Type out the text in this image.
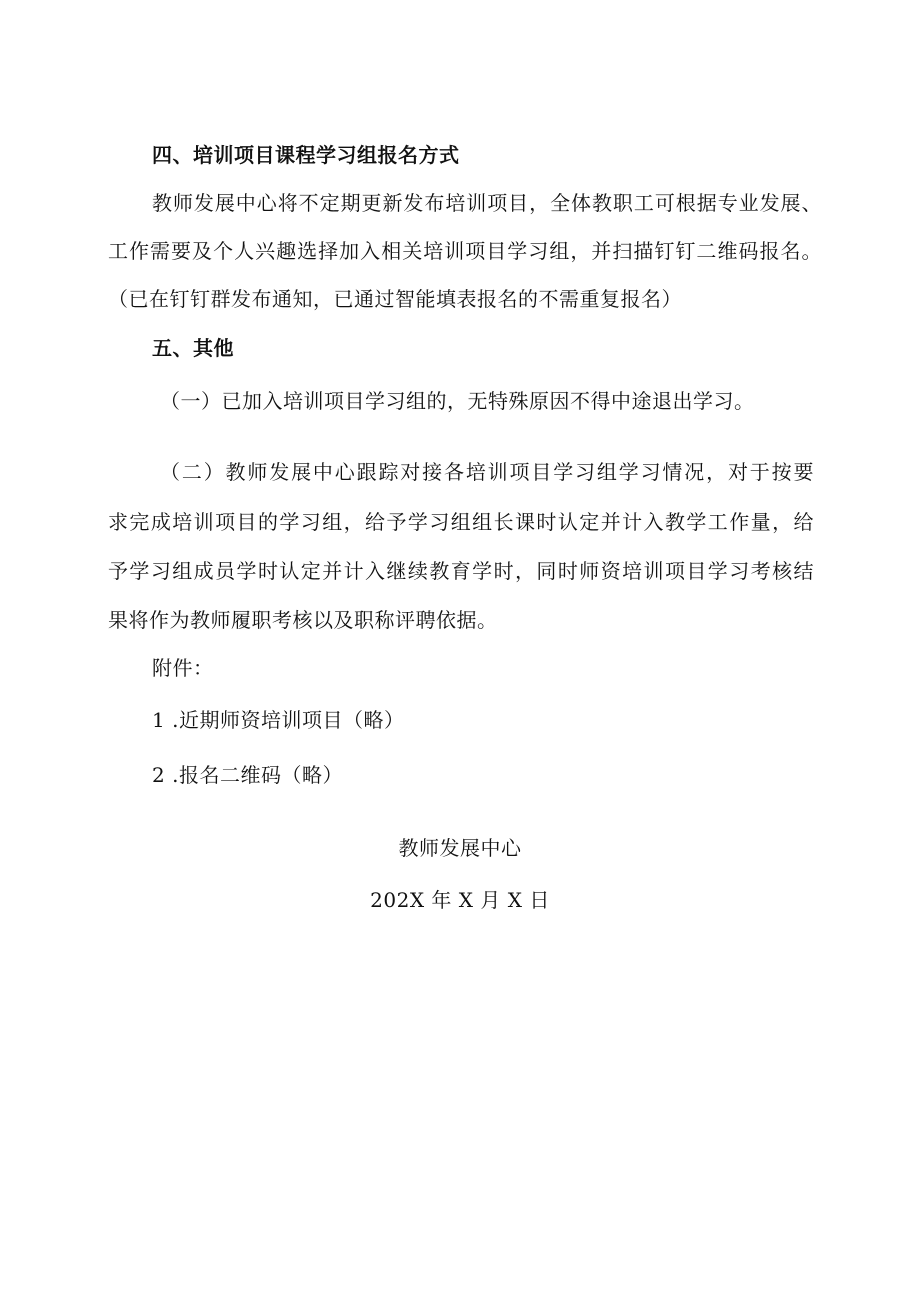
四、培训项目课程学习组报名方式
教师发展中心将不定期更新发布培训项目，全体教职工可根据专业发展、
工作需要及个人兴趣选择加入相关培训项目学习组，并扫描钉钉二维码报名。
（已在钉钉群发布通知，已通过智能填表报名的不需重复报名）
五、其他
（一）已加入培训项目学习组的，无特殊原因不得中途退出学习。
（二）教师发展中心跟踪对接各培训项目学习组学习情况，对于按要
求完成培训项目的学习组，给予学习组组长课时认定并计入教学工作量，给
予学习组成员学时认定并计入继续教育学时，同时师资培训项目学习考核结
果将作为教师履职考核以及职称评聘依据。
附件：
1 .近期师资培训项目（略）
2 .报名二维码（略）
教师发展中心
202X 年 X 月 X 日
